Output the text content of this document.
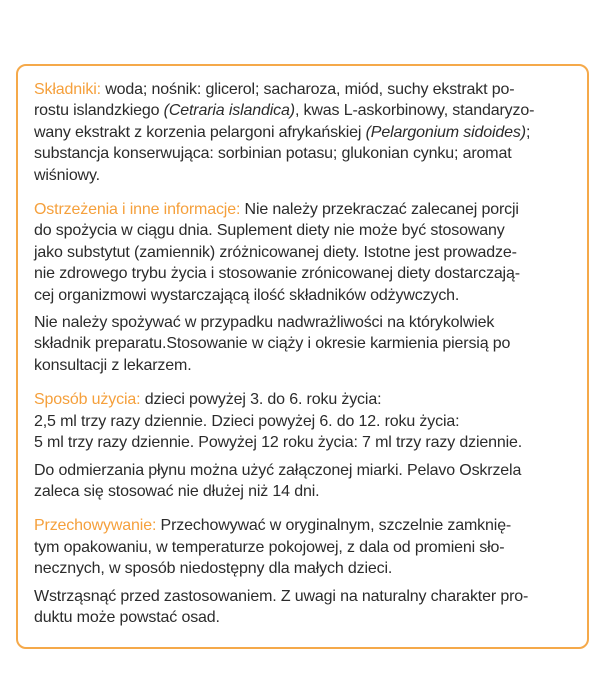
Składniki: woda; nośnik: glicerol; sacharoza, miód, suchy ekstrakt po-

rostu islandzkiego (Cetraria islandica), kwas L-askorbinowy, standaryzo-

wany ekstrakt z korzenia pelargoni afrykańskiej (Pelargonium sidoides);

substancja konserwująca: sorbinian potasu; glukonian cynku; aromat

wiśniowy.

Ostrzeżenia i inne informacje: Nie należy przekraczać zalecanej porcji

do spożycia w ciągu dnia. Suplement diety nie może być stosowany

jako substytut (zamiennik) zróżnicowanej diety. Istotne jest prowadze-

nie zdrowego trybu życia i stosowanie zrónicowanej diety dostarczają-

cej organizmowi wystarczającą ilość składników odżywczych.

Nie należy spożywać w przypadku nadwrażliwości na którykolwiek

składnik preparatu.Stosowanie w ciąży i okresie karmienia piersią po

konsultacji z lekarzem.

Sposób użycia: dzieci powyżej 3. do 6. roku życia:

2,5 ml trzy razy dziennie. Dzieci powyżej 6. do 12. roku życia:

5 ml trzy razy dziennie. Powyżej 12 roku życia: 7 ml trzy razy dziennie.

Do odmierzania płynu można użyć załączonej miarki. Pelavo Oskrzela

zaleca się stosować nie dłużej niż 14 dni.

Przechowywanie: Przechowywać w oryginalnym, szczelnie zamknię-

tym opakowaniu, w temperaturze pokojowej, z dala od promieni sło-

necznych, w sposób niedostępny dla małych dzieci.

Wstrząsnąć przed zastosowaniem. Z uwagi na naturalny charakter pro-

duktu może powstać osad.
